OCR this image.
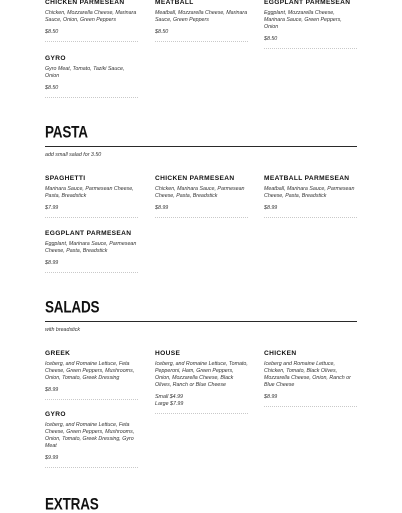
CHICKEN PARMESEAN
Chicken, Mozzarella Cheese, Marinara Sauce, Onion, Green Peppers
$8.50
MEATBALL
Meatball, Mozzarella Cheese, Marinara Sauce, Green Peppers
$8.50
EGGPLANT PARMESEAN
Eggplant, Mozzarella Cheese, Marinara Sauce, Green Peppers, Onion
$8.50
GYRO
Gyro Meat, Tomato, Taziki Sauce, Onion
$8.50
PASTA
add small salad for 3.50
SPAGHETTI
Marinara Sauce, Parmesean Cheese, Pasta, Breadstick
$7.99
CHICKEN PARMESEAN
Chicken, Marinara Sauce, Parmesean Cheese, Pasta, Breadstick
$8.99
MEATBALL PARMESEAN
Meatball, Marinara Sauce, Parmesean Cheese, Pasta, Breadstick
$8.99
EGGPLANT PARMESEAN
Eggplant, Marinara Sauce, Parmesean Cheese, Pasta, Breadstick
$8.99
SALADS
with breadstick
GREEK
Iceberg, and Romaine Lettuce, Feta Cheese, Green Peppers, Mushrooms, Onion, Tomato, Greek Dressing
$8.99
HOUSE
Iceberg, and Romaine Lettuce, Tomato, Pepperoni, Ham, Green Peppers, Onion, Mozzarella Cheese, Black Olives, Ranch or Blue Cheese
Small $4.99
Large $7.99
CHICKEN
Iceberg and Romaine Lettuce, Chicken, Tomato, Black Olives, Mozzarella Cheese, Onion, Ranch or Blue Cheese
$8.99
GYRO
Iceberg, and Romaine Lettuce, Feta Cheese, Green Peppers, Mushrooms, Onion, Tomato, Greek Dressing, Gyro Meat
$9.99
EXTRAS
